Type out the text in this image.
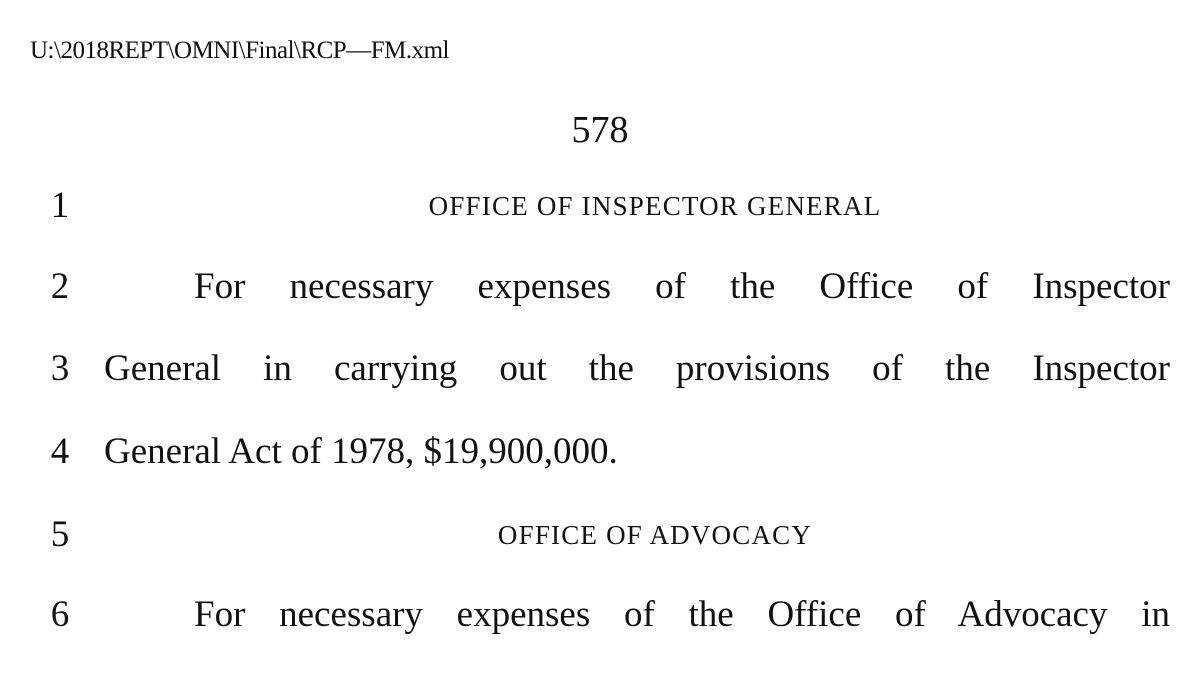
U:\2018REPT\OMNI\Final\RCP—FM.xml
578
1	OFFICE OF INSPECTOR GENERAL
2	For necessary expenses of the Office of Inspector
3 General in carrying out the provisions of the Inspector
4 General Act of 1978, $19,900,000.
5	OFFICE OF ADVOCACY
6	For necessary expenses of the Office of Advocacy in
